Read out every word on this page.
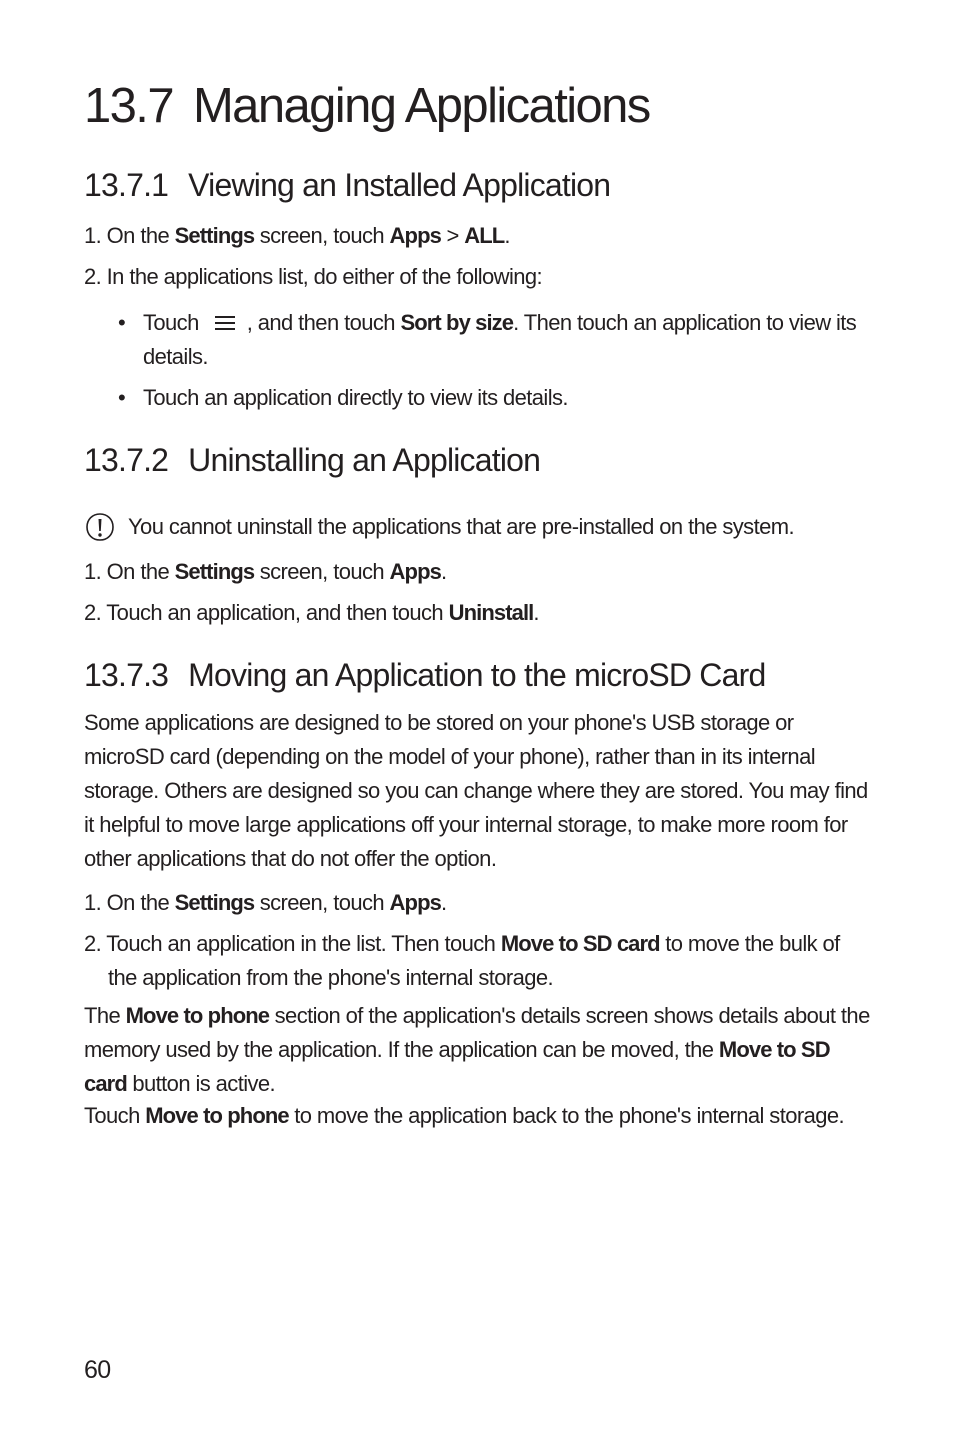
13.7 Managing Applications
13.7.1 Viewing an Installed Application
1. On the Settings screen, touch Apps > ALL.
2. In the applications list, do either of the following:
• Touch , and then touch Sort by size. Then touch an application to view its details.
• Touch an application directly to view its details.
13.7.2 Uninstalling an Application
You cannot uninstall the applications that are pre-installed on the system.
1. On the Settings screen, touch Apps.
2. Touch an application, and then touch Uninstall.
13.7.3 Moving an Application to the microSD Card

Some applications are designed to be stored on your phone's USB storage or microSD card (depending on the model of your phone), rather than in its internal storage. Others are designed so you can change where they are stored. You may find it helpful to move large applications off your internal storage, to make more room for other applications that do not offer the option.

1. On the Settings screen, touch Apps.
2. Touch an application in the list. Then touch Move to SD card to move the bulk of
the application from the phone's internal storage.

The Move to phone section of the application's details screen shows details about the memory used by the application. If the application can be moved, the Move to SD card button is active.

Touch Move to phone to move the application back to the phone's internal storage.

60
